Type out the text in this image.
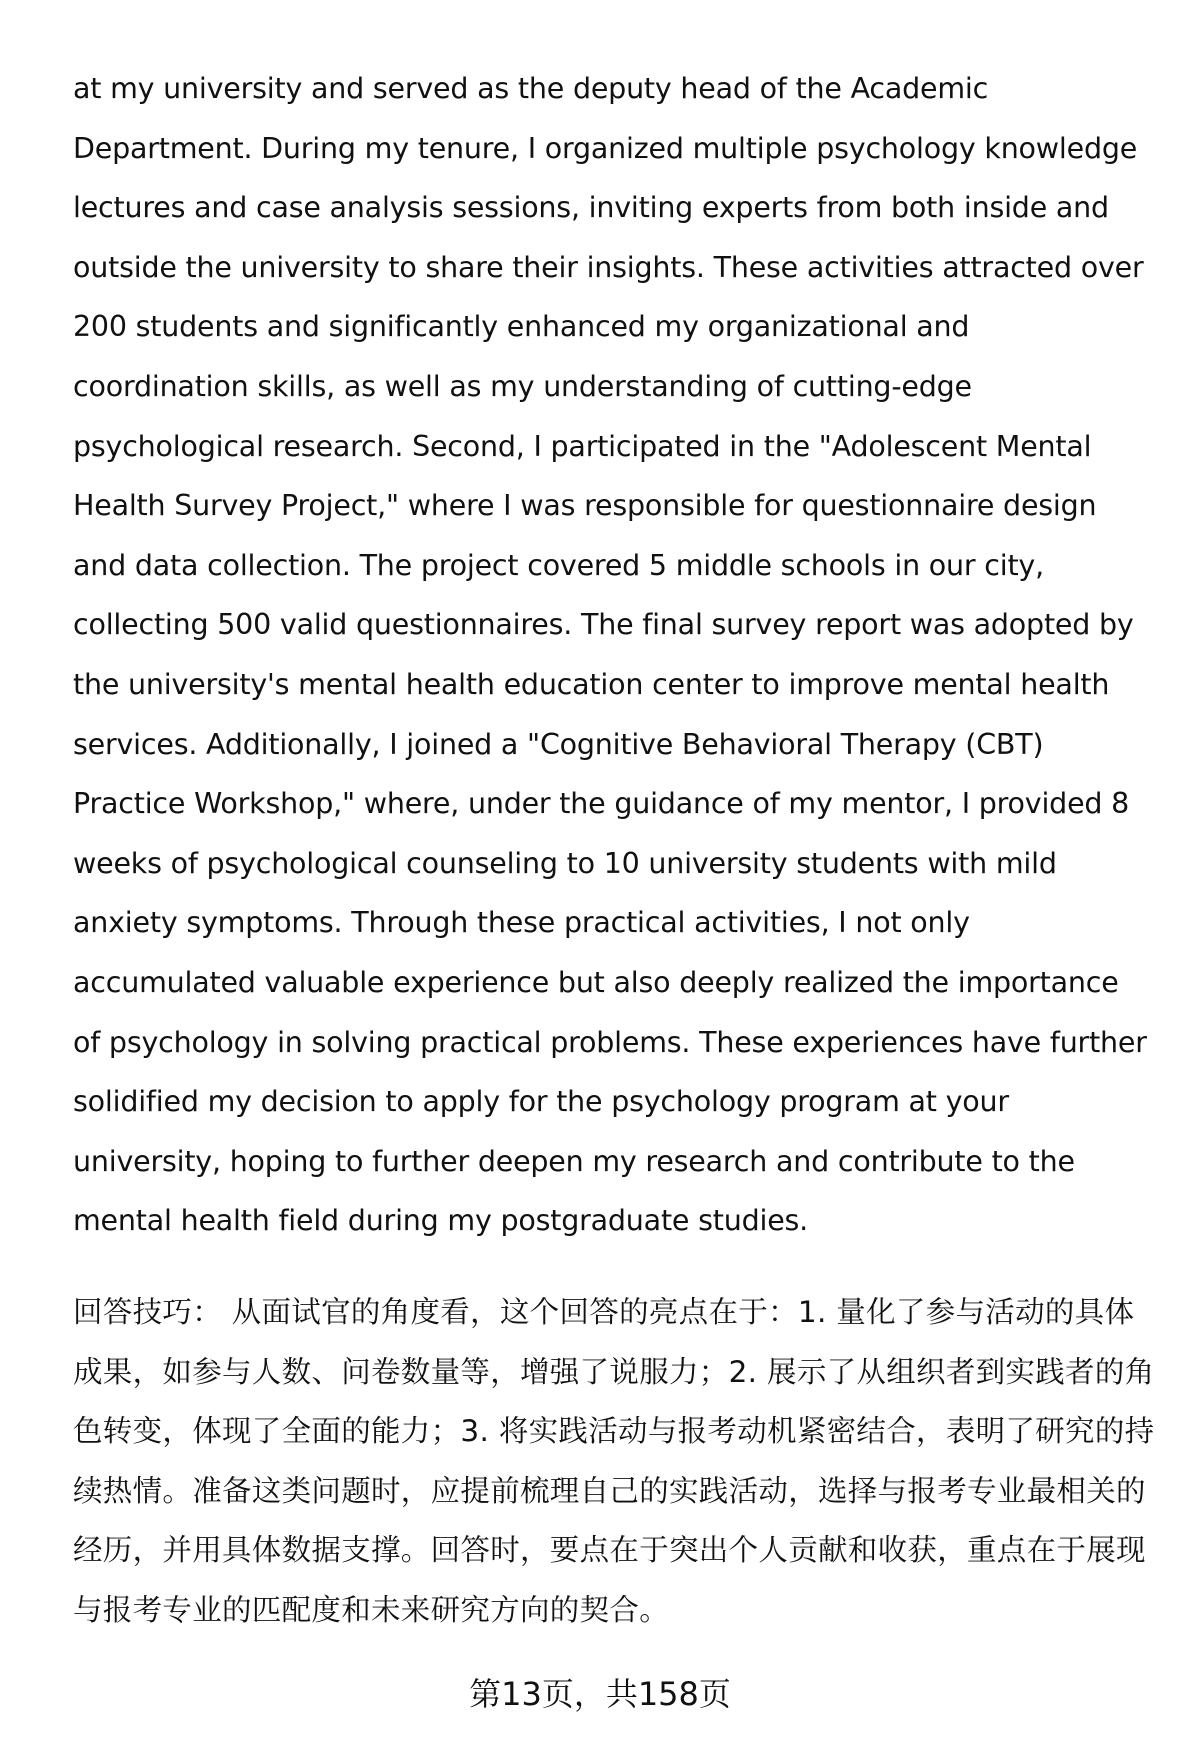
at my university and served as the deputy head of the Academic
Department. During my tenure, I organized multiple psychology knowledge
lectures and case analysis sessions, inviting experts from both inside and
outside the university to share their insights. These activities attracted over
200 students and significantly enhanced my organizational and
coordination skills, as well as my understanding of cutting-edge
psychological research. Second, I participated in the "Adolescent Mental
Health Survey Project," where I was responsible for questionnaire design
and data collection. The project covered 5 middle schools in our city,
collecting 500 valid questionnaires. The final survey report was adopted by
the university's mental health education center to improve mental health
services. Additionally, I joined a "Cognitive Behavioral Therapy (CBT)
Practice Workshop," where, under the guidance of my mentor, I provided 8
weeks of psychological counseling to 10 university students with mild
anxiety symptoms. Through these practical activities, I not only
accumulated valuable experience but also deeply realized the importance
of psychology in solving practical problems. These experiences have further
solidified my decision to apply for the psychology program at your
university, hoping to further deepen my research and contribute to the
mental health field during my postgraduate studies.
回答技巧： 从面试官的角度看，这个回答的亮点在于：1. 量化了参与活动的具体
成果，如参与人数、问卷数量等，增强了说服力；2. 展示了从组织者到实践者的角
色转变，体现了全面的能力；3. 将实践活动与报考动机紧密结合，表明了研究的持
续热情。准备这类问题时，应提前梳理自己的实践活动，选择与报考专业最相关的
经历，并用具体数据支撑。回答时，要点在于突出个人贡献和收获，重点在于展现
与报考专业的匹配度和未来研究方向的契合。
第13页，共158页
